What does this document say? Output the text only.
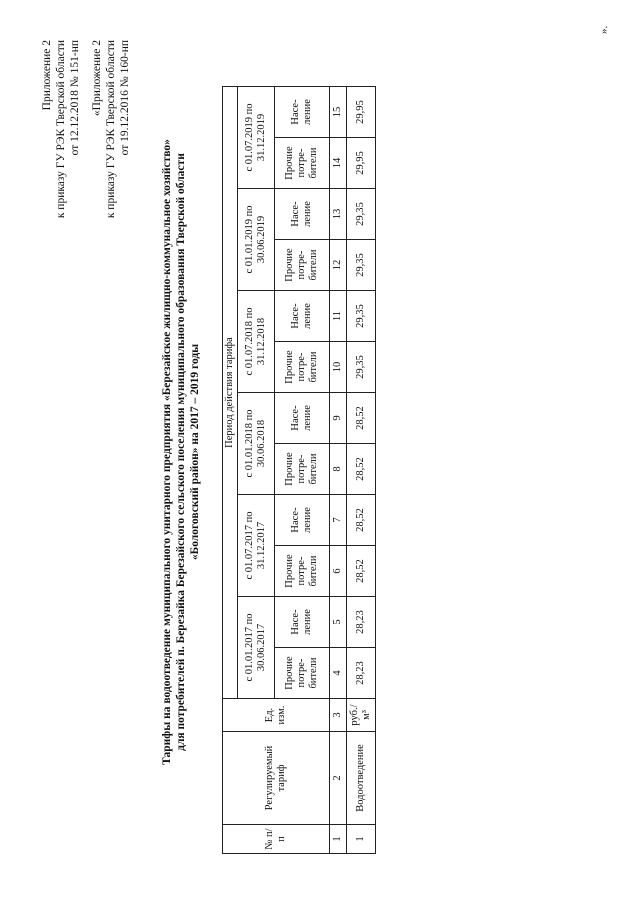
Приложение 2 к приказу ГУ РЭК Тверской области от 12.12.2018 № 151-нп «Приложение 2 к приказу ГУ РЭК Тверской области от 19.12.2016 № 160-нп
Тарифы на водоотведение муниципального унитарного предприятия «Березайское жилищно-коммунальное хозяйство» для потребителей п. Березайка Березайского сельского поселения муниципального образования Тверской области «Бологовский район» на 2017 – 2019 годы
№ п/п	Регулируемый тариф	Ед. изм.	Период действия тарифа											
			с 01.01.2017 по 30.06.2017		с 01.07.2017 по 31.12.2017		с 01.01.2018 по 30.06.2018		с 01.07.2018 по 31.12.2018		с 01.01.2019 по 30.06.2019		с 01.07.2019 по 31.12.2019	
			Прочие потре-бители	Насе-ление	Прочие потре-бители	Насе-ление	Прочие потре-бители	Насе-ление	Прочие потре-бители	Насе-ление	Прочие потре-бители	Насе-ление	Прочие потре-бители	Насе-ление
1	2	3	4	5	6	7	8	9	10	11	12	13	14	15
1	Водоотведение	руб./м³	28,23	28,23	28,52	28,52	28,52	28,52	29,35	29,35	29,35	29,35	29,95	29,95
».
